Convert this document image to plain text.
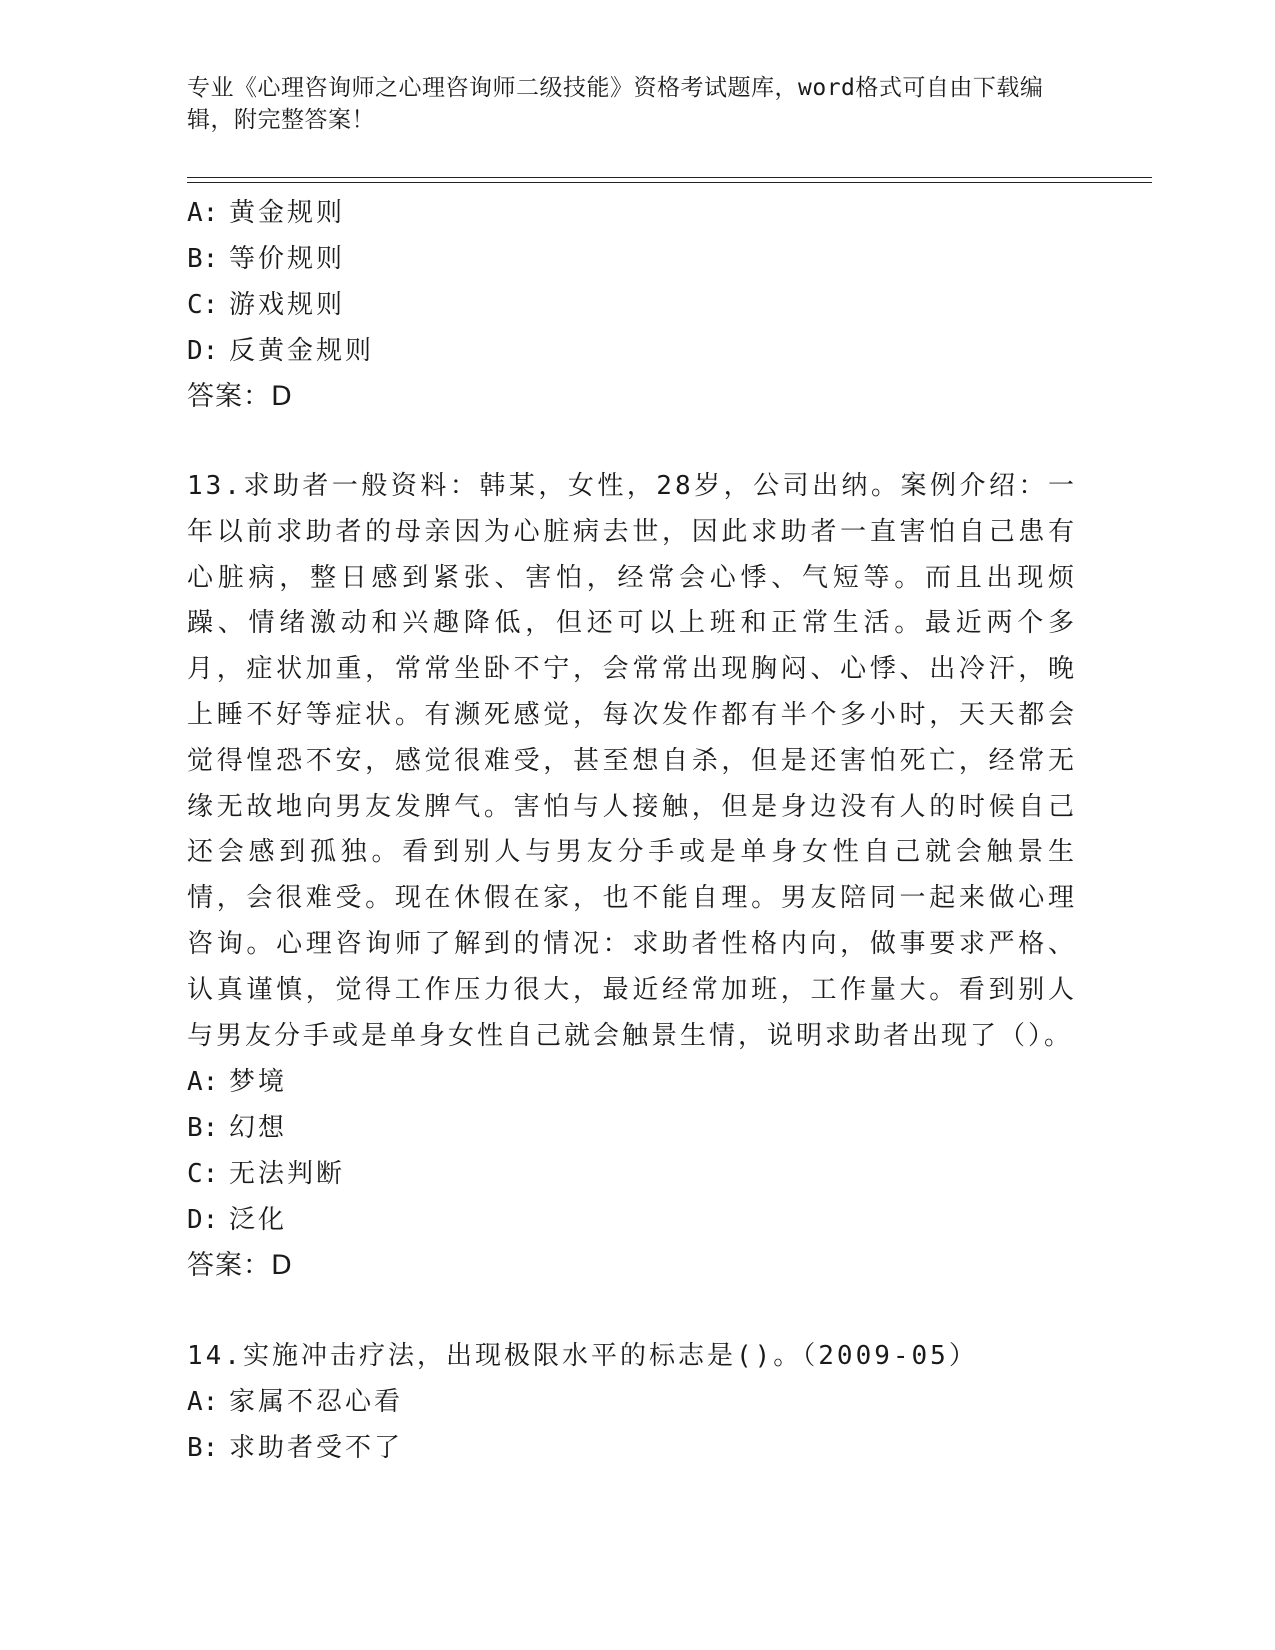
专业《心理咨询师之心理咨询师二级技能》资格考试题库，word格式可自由下载编辑，附完整答案！
A: 黄金规则
B: 等价规则
C: 游戏规则
D: 反黄金规则
答案：D
13.求助者一般资料：韩某，女性，28岁，公司出纳。案例介绍：一年以前求助者的母亲因为心脏病去世，因此求助者一直害怕自己患有心脏病，整日感到紧张、害怕，经常会心悸、气短等。而且出现烦躁、情绪激动和兴趣降低，但还可以上班和正常生活。最近两个多月，症状加重，常常坐卧不宁，会常常出现胸闷、心悸、出冷汗，晚上睡不好等症状。有濒死感觉，每次发作都有半个多小时，天天都会觉得惶恐不安，感觉很难受，甚至想自杀，但是还害怕死亡，经常无缘无故地向男友发脾气。害怕与人接触，但是身边没有人的时候自己还会感到孤独。看到别人与男友分手或是单身女性自己就会触景生情，会很难受。现在休假在家，也不能自理。男友陪同一起来做心理咨询。心理咨询师了解到的情况：求助者性格内向，做事要求严格、认真谨慎，觉得工作压力很大，最近经常加班，工作量大。看到别人与男友分手或是单身女性自己就会触景生情，说明求助者出现了（）。
A: 梦境
B: 幻想
C: 无法判断
D: 泛化
答案：D
14.实施冲击疗法，出现极限水平的标志是()。（2009-05）
A: 家属不忍心看
B: 求助者受不了
